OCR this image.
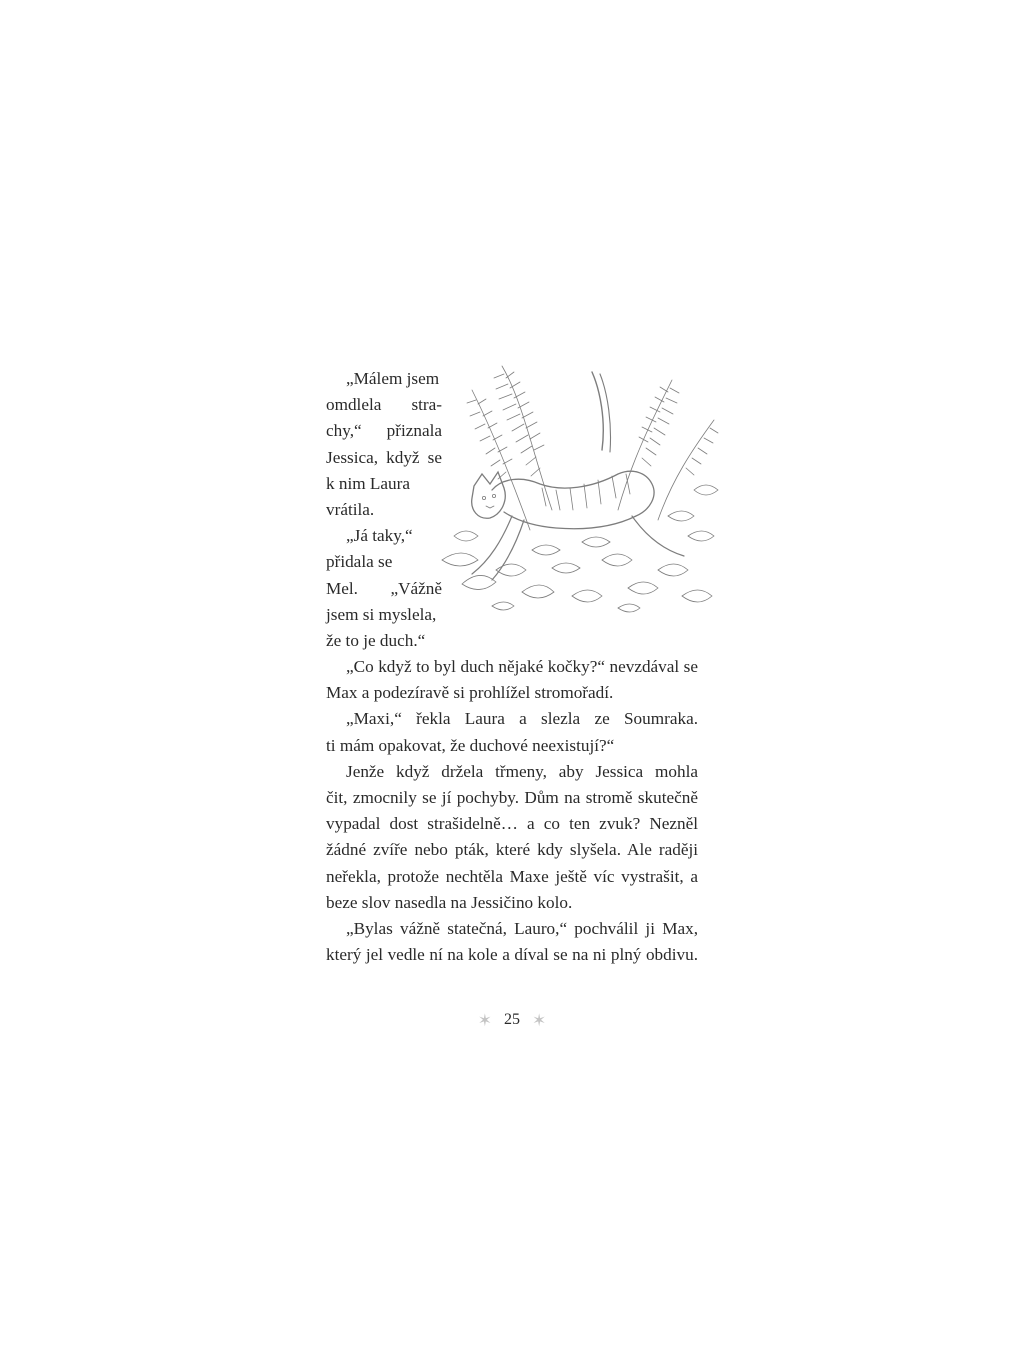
„Málem jsem
omdlela stra-
chy,“ přiznala
Jessica, když se
k nim Laura
vrátila.
„Já taky,“
přidala se
Mel. „Vážně
jsem si myslela,
že to je duch.“
„Co když to byl duch nějaké kočky?“ nevzdával se
Max a podezíravě si prohlížel stromořadí.
„Maxi,“ řekla Laura a slezla ze Soumraka.
ti mám opakovat, že duchové neexistují?“
Jenže když držela třmeny, aby Jessica mohla
čit, zmocnily se jí pochyby. Dům na stromě skutečně
vypadal dost strašidelně… a co ten zvuk? Nezněl
žádné zvíře nebo pták, které kdy slyšela. Ale raději
neřekla, protože nechtěla Maxe ještě víc vystrašit, a
beze slov nasedla na Jessičino kolo.
„Bylas vážně statečná, Lauro,“ pochválil ji Max,
který jel vedle ní na kole a díval se na ni plný obdivu.
✶ 25 ✶
